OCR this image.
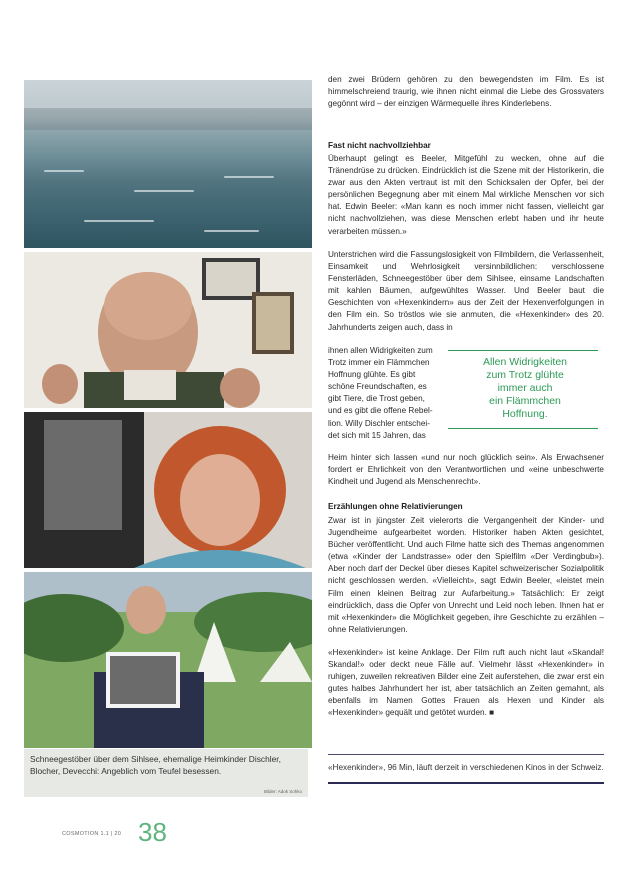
Schneegestöber über dem Sihlsee, ehemalige Heimkinder Dischler, Blocher, Devecchi: Angeblich vom Teufel besessen.

Bilder: Adok Sohko

den zwei Brüdern gehören zu den bewegendsten im Film. Es ist himmelschreiend traurig, wie ihnen nicht einmal die Liebe des Grossvaters gegönnt wird – der einzigen Wärmequelle ihres Kinderlebens.

Fast nicht nachvollziehbar

Überhaupt gelingt es Beeler, Mitgefühl zu wecken, ohne auf die Tränendrüse zu drücken. Eindrücklich ist die Szene mit der Historikerin, die zwar aus den Akten vertraut ist mit den Schicksalen der Opfer, bei der persönlichen Begegnung aber mit einem Mal wirkliche Menschen vor sich hat. Edwin Beeler: «Man kann es noch immer nicht fassen, vielleicht gar nicht nachvollziehen, was diese Menschen erlebt haben und ihr heute verarbeiten müssen.»

Unterstrichen wird die Fassungslosigkeit von Filmbildern, die Verlassenheit, Einsamkeit und Wehrlosigkeit versinnbildlichen: verschlossene Fensterläden, Schneegestöber über dem Sihlsee, einsame Landschaften mit kahlen Bäumen, aufgewühltes Wasser. Und Beeler baut die Geschichten von «Hexenkindern» aus der Zeit der Hexenverfolgungen in den Film ein. So tröstlos wie sie anmuten, die «Hexenkinder» des 20. Jahrhunderts zeigen auch, dass in

ihnen allen Widrigkeiten zum
Trotz immer ein Flämmchen
Hoffnung glühte. Es gibt
schöne Freundschaften, es
gibt Tiere, die Trost geben,
und es gibt die offene Rebel-
lion. Willy Dischler entschei-
det sich mit 15 Jahren, das
Allen Widrigkeiten
zum Trotz glühte
immer auch
ein Flämmchen
Hoffnung.

Heim hinter sich lassen «und nur noch glücklich sein». Als Erwachsener fordert er Ehrlichkeit von den Verantwortlichen und «eine unbeschwerte Kindheit und Jugend als Menschenrecht».

Erzählungen ohne Relativierungen

Zwar ist in jüngster Zeit vielerorts die Vergangenheit der Kinder- und Jugendheime aufgearbeitet worden. Historiker haben Akten gesichtet, Bücher veröffentlicht. Und auch Filme hatte sich des Themas angenommen (etwa «Kinder der Landstrasse» oder den Spielfilm «Der Verdingbub»). Aber noch darf der Deckel über dieses Kapitel schweizerischer Sozialpolitik nicht geschlossen werden. «Vielleicht», sagt Edwin Beeler, «leistet mein Film einen kleinen Beitrag zur Aufarbeitung.» Tatsächlich: Er zeigt eindrücklich, dass die Opfer von Unrecht und Leid noch leben. Ihnen hat er mit «Hexenkinder» die Möglichkeit gegeben, ihre Geschichte zu erzählen – ohne Relativierungen.

«Hexenkinder» ist keine Anklage. Der Film ruft auch nicht laut «Skandal! Skandal!» oder deckt neue Fälle auf. Vielmehr lässt «Hexenkinder» in ruhigen, zuweilen rekreativen Bilder eine Zeit auferstehen, die zwar erst ein gutes halbes Jahrhundert her ist, aber tatsächlich an Zeiten gemahnt, als ebenfalls im Namen Gottes Frauen als Hexen und Kinder als «Hexenkinder» gequält und getötet wurden. ■

«Hexenkinder», 96 Min, läuft derzeit in verschiedenen Kinos in der Schweiz.

COSMOTION 1.1 | 20 38
